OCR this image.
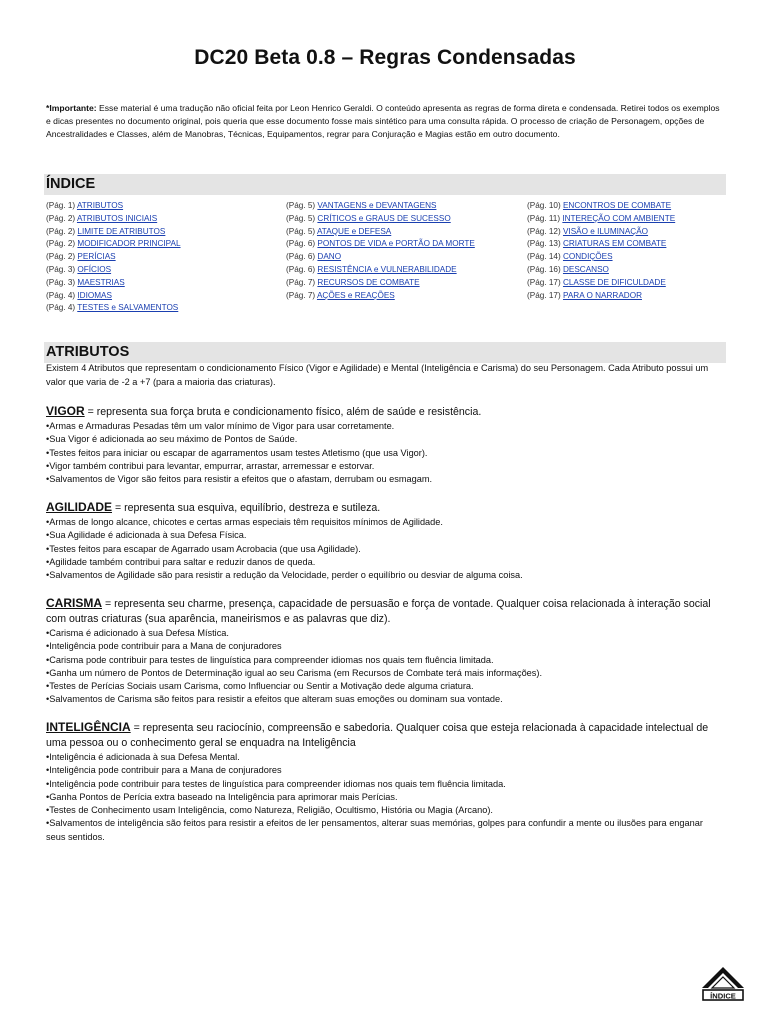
DC20 Beta 0.8 – Regras Condensadas

*Importante: Esse material é uma tradução não oficial feita por Leon Henrico Geraldi. O conteúdo apresenta as regras de forma direta e condensada. Retirei todos os exemplos e dicas presentes no documento original, pois queria que esse documento fosse mais sintético para uma consulta rápida. O processo de criação de Personagem, opções de Ancestralidades e Classes, além de Manobras, Técnicas, Equipamentos, regrar para Conjuração e Magias estão em outro documento.

ÍNDICE
(Pág. 1) ATRIBUTOS
(Pág. 2) ATRIBUTOS INICIAIS
(Pág. 2) LIMITE DE ATRIBUTOS
(Pág. 2) MODIFICADOR PRINCIPAL
(Pág. 2) PERÍCIAS
(Pág. 3) OFÍCIOS
(Pág. 3) MAESTRIAS
(Pág. 4) IDIOMAS
(Pág. 4) TESTES e SALVAMENTOS
(Pág. 5) VANTAGENS e DEVANTAGENS
(Pág. 5) CRÍTICOS e GRAUS DE SUCESSO
(Pág. 5) ATAQUE e DEFESA
(Pág. 6) PONTOS DE VIDA e PORTÃO DA MORTE
(Pág. 6) DANO
(Pág. 6) RESISTÊNCIA e VULNERABILIDADE
(Pág. 7) RECURSOS DE COMBATE
(Pág. 7) AÇÕES e REAÇÕES
(Pág. 10) ENCONTROS DE COMBATE
(Pág. 11) INTEREÇÃO COM AMBIENTE
(Pág. 12) VISÃO e ILUMINAÇÃO
(Pág. 13) CRIATURAS EM COMBATE
(Pág. 14) CONDIÇÕES
(Pág. 16) DESCANSO
(Pág. 17) CLASSE DE DIFICULDADE
(Pág. 17) PARA O NARRADOR
ATRIBUTOS

Existem 4 Atributos que representam o condicionamento Físico (Vigor e Agilidade) e Mental (Inteligência e Carisma) do seu Personagem. Cada Atributo possui um valor que varia de -2 a +7 (para a maioria das criaturas).

VIGOR = representa sua força bruta e condicionamento físico, além de saúde e resistência.

• Armas e Armaduras Pesadas têm um valor mínimo de Vigor para usar corretamente.
• Sua Vigor é adicionada ao seu máximo de Pontos de Saúde.
• Testes feitos para iniciar ou escapar de agarramentos usam testes Atletismo (que usa Vigor).
• Vigor também contribui para levantar, empurrar, arrastar, arremessar e estorvar.
• Salvamentos de Vigor são feitos para resistir a efeitos que o afastam, derrubam ou esmagam.

AGILIDADE = representa sua esquiva, equilíbrio, destreza e sutileza.

• Armas de longo alcance, chicotes e certas armas especiais têm requisitos mínimos de Agilidade.
• Sua Agilidade é adicionada à sua Defesa Física.
• Testes feitos para escapar de Agarrado usam Acrobacia (que usa Agilidade).
• Agilidade também contribui para saltar e reduzir danos de queda.
• Salvamentos de Agilidade são para resistir a redução da Velocidade, perder o equilíbrio ou desviar de alguma coisa.

CARISMA = representa seu charme, presença, capacidade de persuasão e força de vontade. Qualquer coisa relacionada à interação social com outras criaturas (sua aparência, maneirismos e as palavras que diz).

• Carisma é adicionado à sua Defesa Mística.
• Inteligência pode contribuir para a Mana de conjuradores
• Carisma pode contribuir para testes de linguística para compreender idiomas nos quais tem fluência limitada.
• Ganha um número de Pontos de Determinação igual ao seu Carisma (em Recursos de Combate terá mais informações).
• Testes de Perícias Sociais usam Carisma, como Influenciar ou Sentir a Motivação dede alguma criatura.
• Salvamentos de Carisma são feitos para resistir a efeitos que alteram suas emoções ou dominam sua vontade.

INTELIGÊNCIA = representa seu raciocínio, compreensão e sabedoria. Qualquer coisa que esteja relacionada à capacidade intelectual de uma pessoa ou o conhecimento geral se enquadra na Inteligência

• Inteligência é adicionada à sua Defesa Mental.
• Inteligência pode contribuir para a Mana de conjuradores
• Inteligência pode contribuir para testes de linguística para compreender idiomas nos quais tem fluência limitada.
• Ganha Pontos de Perícia extra baseado na Inteligência para aprimorar mais Perícias.
• Testes de Conhecimento usam Inteligência, como Natureza, Religião, Ocultismo, História ou Magia (Arcano).
• Salvamentos de inteligência são feitos para resistir a efeitos de ler pensamentos, alterar suas memórias, golpes para confundir a mente ou ilusões para enganar seus sentidos.
ÍNDICE
